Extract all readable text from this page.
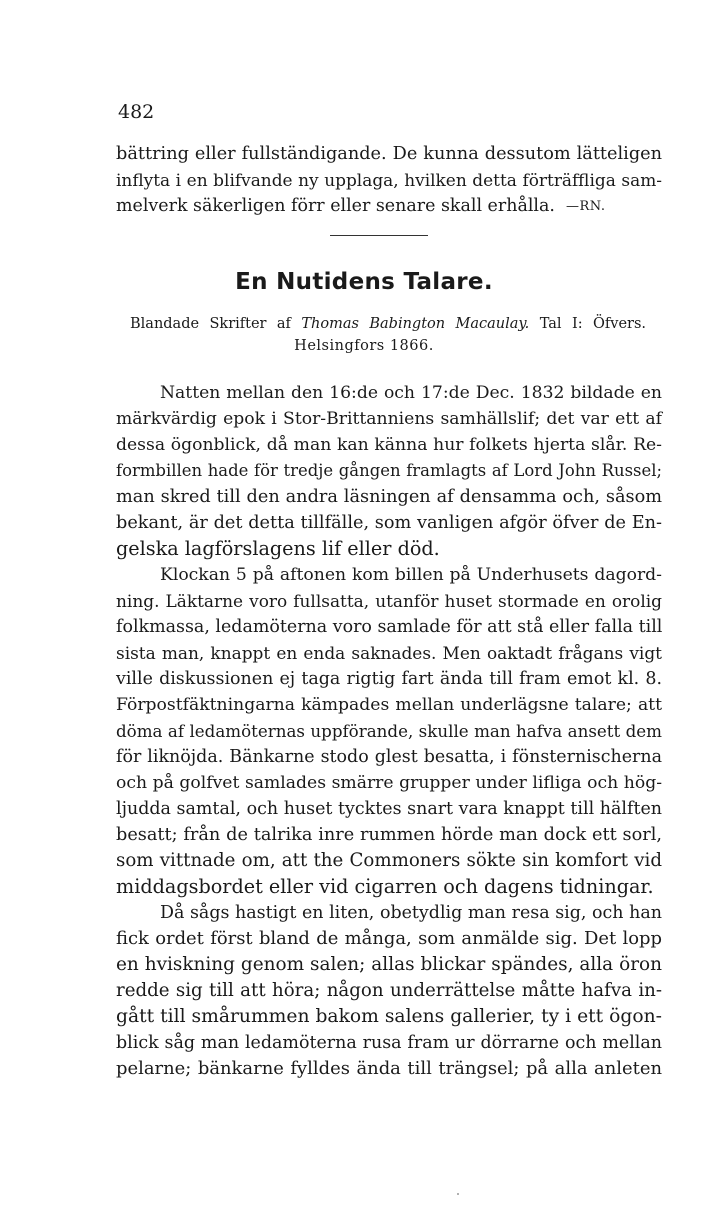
482
bättring eller fullständigande. De kunna dessutom lätteligen
inflyta i en blifvande ny upplaga, hvilken detta förträffliga sam-
melverk säkerligen förr eller senare skall erhålla. —RN.
En Nutidens Talare.
Blandade Skrifter af Thomas Babington Macaulay. Tal I: Öfvers.
Helsingfors 1866.
Natten mellan den 16:de och 17:de Dec. 1832 bildade en
märkvärdig epok i Stor-Brittanniens samhällslif; det var ett af
dessa ögonblick, då man kan känna hur folkets hjerta slår. Re-
formbillen hade för tredje gången framlagts af Lord John Russel;
man skred till den andra läsningen af densamma och, såsom
bekant, är det detta tillfälle, som vanligen afgör öfver de En-
gelska lagförslagens lif eller död.
Klockan 5 på aftonen kom billen på Underhusets dagord-
ning. Läktarne voro fullsatta, utanför huset stormade en orolig
folkmassa, ledamöterna voro samlade för att stå eller falla till
sista man, knappt en enda saknades. Men oaktadt frågans vigt
ville diskussionen ej taga rigtig fart ända till fram emot kl. 8.
Förpostfäktningarna kämpades mellan underlägsne talare; att
döma af ledamöternas uppförande, skulle man hafva ansett dem
för liknöjda. Bänkarne stodo glest besatta, i fönsternischerna
och på golfvet samlades smärre grupper under lifliga och hög-
ljudda samtal, och huset tycktes snart vara knappt till hälften
besatt; från de talrika inre rummen hörde man dock ett sorl,
som vittnade om, att the Commoners sökte sin komfort vid
middagsbordet eller vid cigarren och dagens tidningar.
Då sågs hastigt en liten, obetydlig man resa sig, och han
fick ordet först bland de många, som anmälde sig. Det lopp
en hviskning genom salen; allas blickar spändes, alla öron
redde sig till att höra; någon underrättelse måtte hafva in-
gått till smårummen bakom salens gallerier, ty i ett ögon-
blick såg man ledamöterna rusa fram ur dörrarne och mellan
pelarne; bänkarne fylldes ända till trängsel; på alla anleten
